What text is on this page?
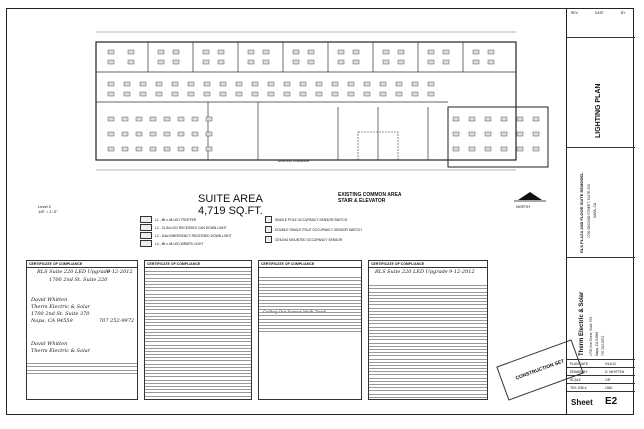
EXISTING CORRIDOR
SUITE AREA
4,719 SQ.FT.
EXISTING COMMON AREA
STAIR & ELEVATOR
NORTH
Level 2
1/8" = 1'-0"
L1 - 8ft x 4ft LED TROFFER
L2 - 13-5w LED RECESSED CAN DOWN LIGHT
L3 - 3/4w EMERGENCY RECESSED DOWN LIGHT
L4 - 8ft x 4ft LED WRAPS LIGHT
SINGLE POLE OCCUPANCY SENSOR SWITCH
DOUBLE SINGLE POLE OCCUPANCY SENSOR SWITCH
CEILING MOUNTED OCCUPANCY SENSOR
CERTIFICATE OF COMPLIANCE
RLS Suite 220 LED Upgrade
9-12-2012
1700 2nd St. Suite 220
David Whitten
Therm Electric & Solar
1700 2nd St. Suite 370
Napa, CA 94559	707 252-9972
David Whitten
Therm Electric & Solar
CERTIFICATE OF COMPLIANCE	CERTIFICATE OF COMPLIANCE
Ceiling Out Sensor Multi Track
CERTIFICATE OF COMPLIANCE
RLS Suite 220 LED Upgrade 9-12-2012
CONSTRUCTION SET
REV	DATE	BY
LIGHTING PLAN
RLS PLAZA 2ND FLOOR SUITE REMODEL 1700 SECOND STREET, SUITE 220 NAPA, CA
Therm Electric & Solar 1700 2nd Street, Suite 370 Napa, CA 94559 707 252-9972
PLAN DATE	9/14/12
DRAWN BY	D. WHITTEN
SCALE	1/8"
TES JOB #	1582
Sheet E2
